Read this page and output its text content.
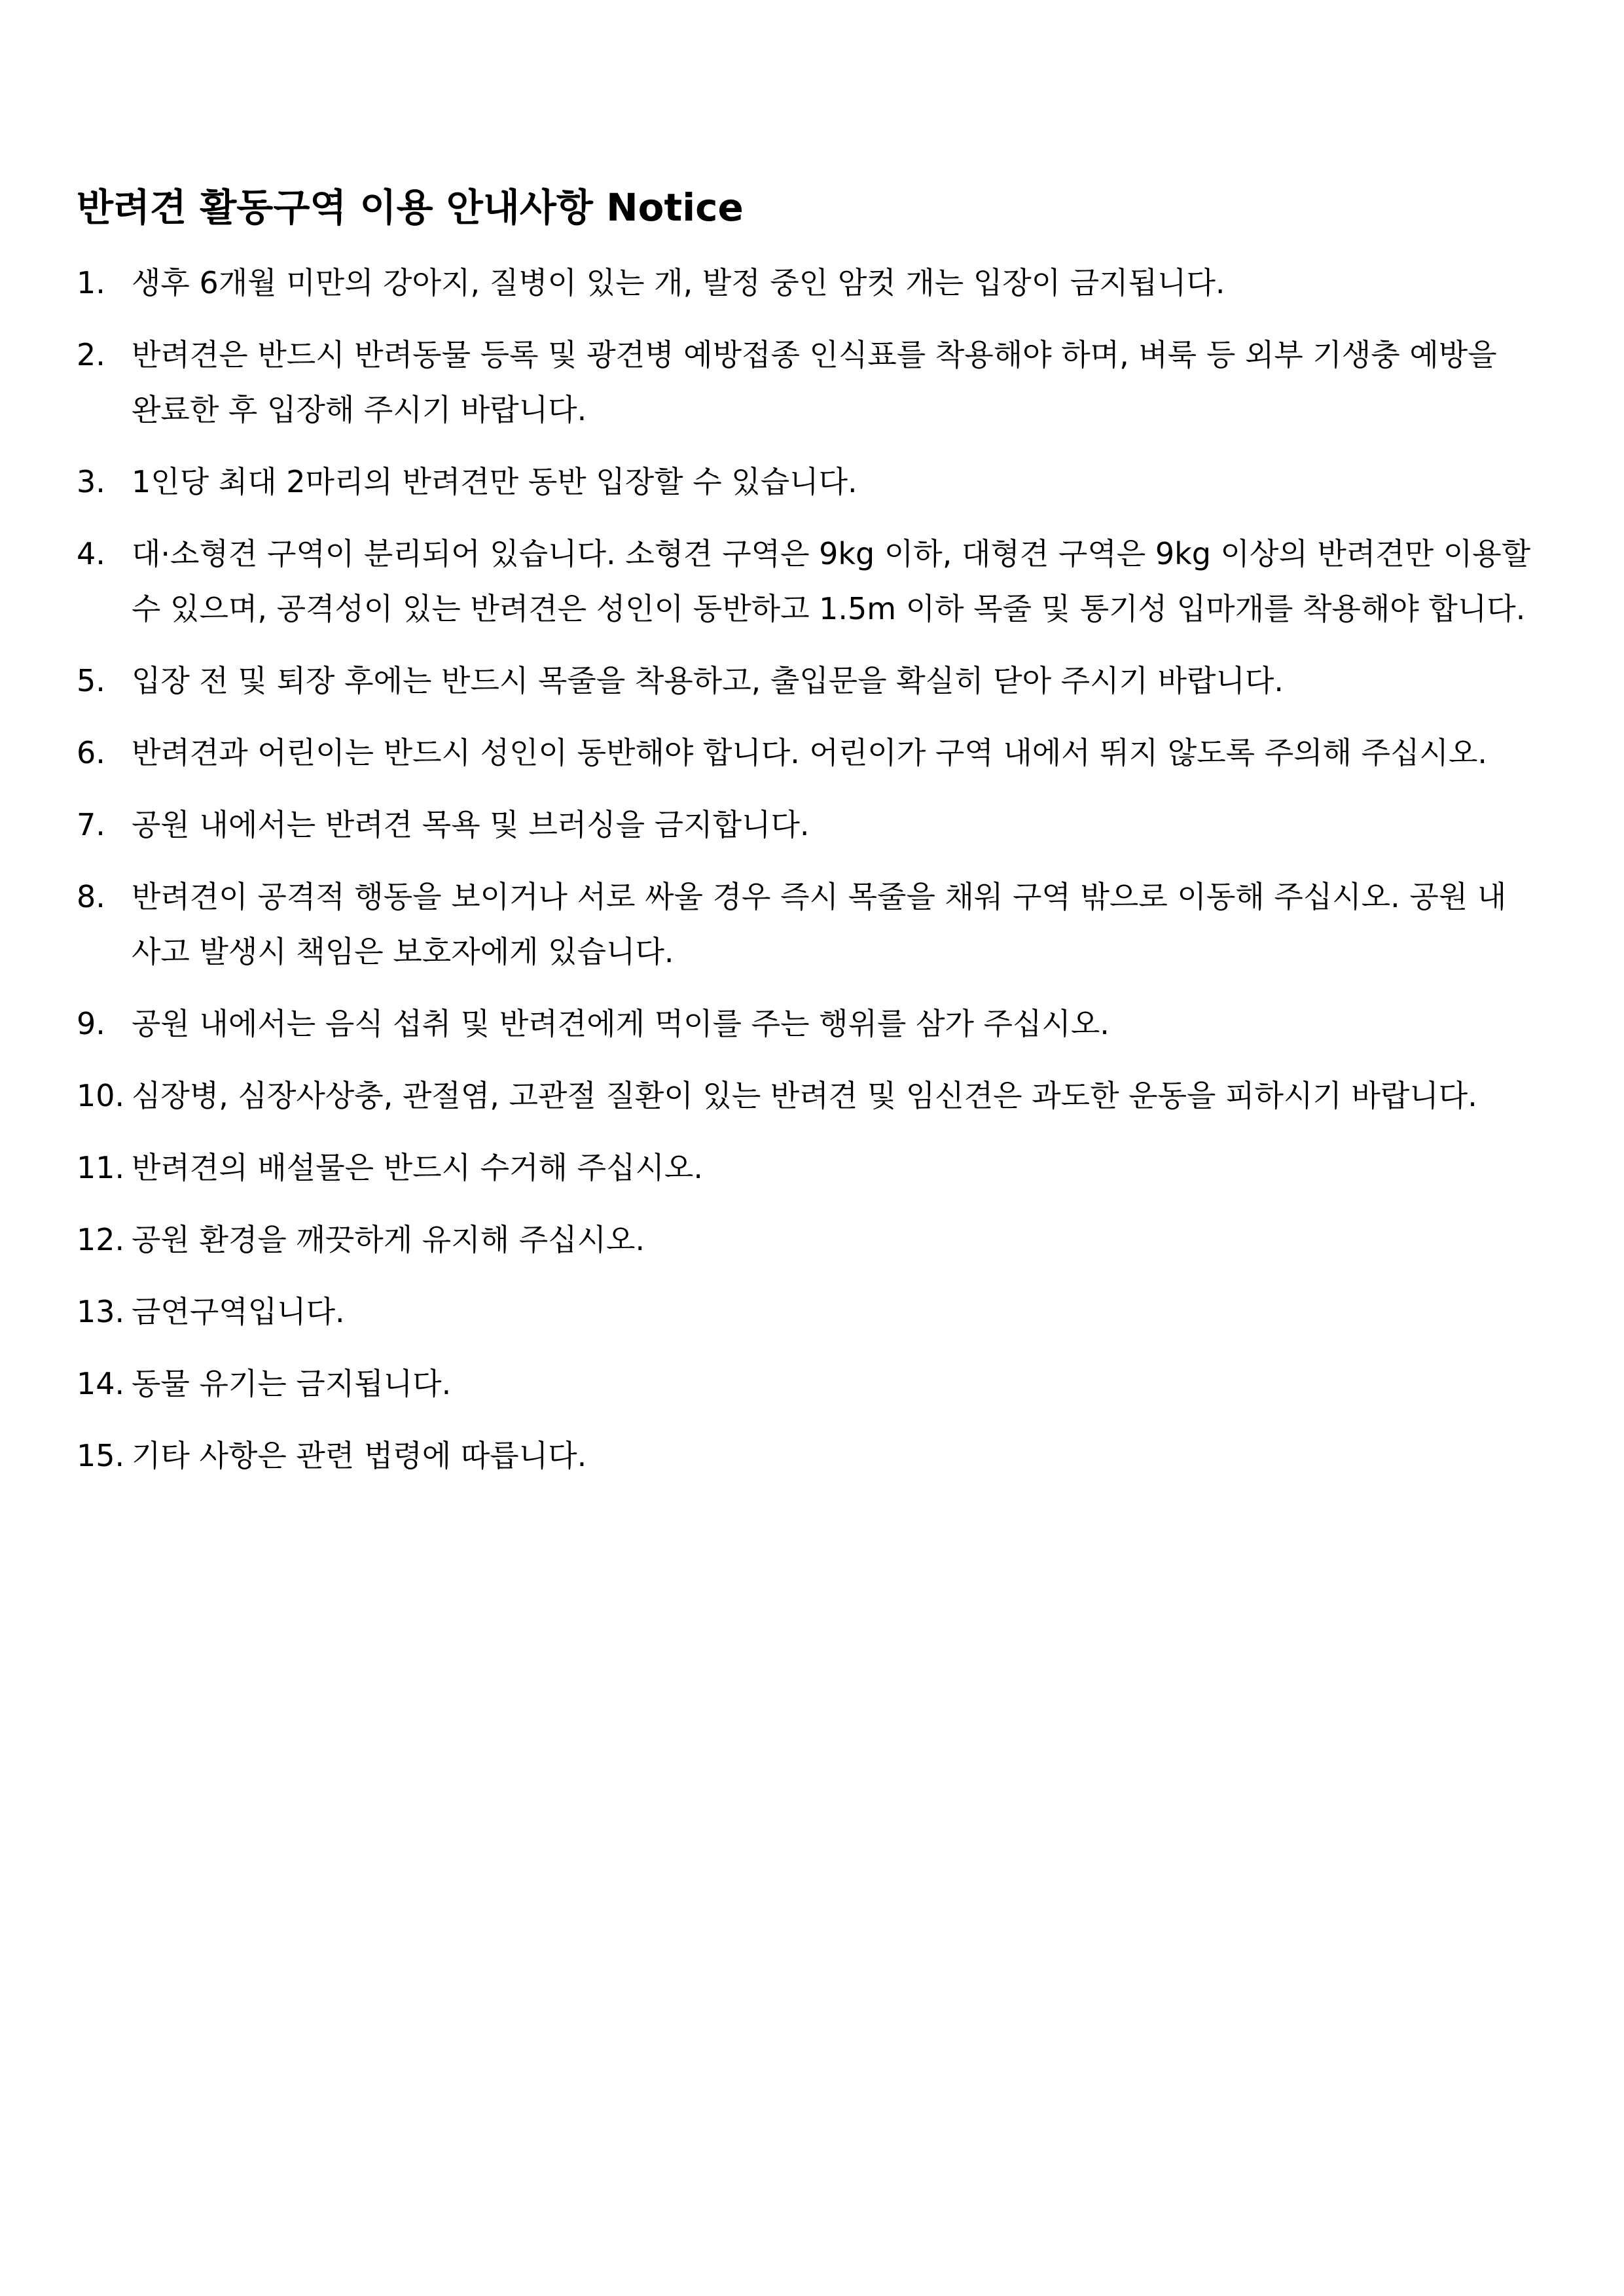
반려견 활동구역 이용 안내사항 Notice
1. 생후 6개월 미만의 강아지, 질병이 있는 개, 발정 중인 암컷 개는 입장이 금지됩니다.
2. 반려견은 반드시 반려동물 등록 및 광견병 예방접종 인식표를 착용해야 하며, 벼룩 등 외부 기생충 예방을 완료한 후 입장해 주시기 바랍니다.
3. 1인당 최대 2마리의 반려견만 동반 입장할 수 있습니다.
4. 대·소형견 구역이 분리되어 있습니다. 소형견 구역은 9kg 이하, 대형견 구역은 9kg 이상의 반려견만 이용할 수 있으며, 공격성이 있는 반려견은 성인이 동반하고 1.5m 이하 목줄 및 통기성 입마개를 착용해야 합니다.
5. 입장 전 및 퇴장 후에는 반드시 목줄을 착용하고, 출입문을 확실히 닫아 주시기 바랍니다.
6. 반려견과 어린이는 반드시 성인이 동반해야 합니다. 어린이가 구역 내에서 뛰지 않도록 주의해 주십시오.
7. 공원 내에서는 반려견 목욕 및 브러싱을 금지합니다.
8. 반려견이 공격적 행동을 보이거나 서로 싸울 경우 즉시 목줄을 채워 구역 밖으로 이동해 주십시오. 공원 내 사고 발생시 책임은 보호자에게 있습니다.
9. 공원 내에서는 음식 섭취 및 반려견에게 먹이를 주는 행위를 삼가 주십시오.
10. 심장병, 심장사상충, 관절염, 고관절 질환이 있는 반려견 및 임신견은 과도한 운동을 피하시기 바랍니다.
11. 반려견의 배설물은 반드시 수거해 주십시오.
12. 공원 환경을 깨끗하게 유지해 주십시오.
13. 금연구역입니다.
14. 동물 유기는 금지됩니다.
15. 기타 사항은 관련 법령에 따릅니다.
